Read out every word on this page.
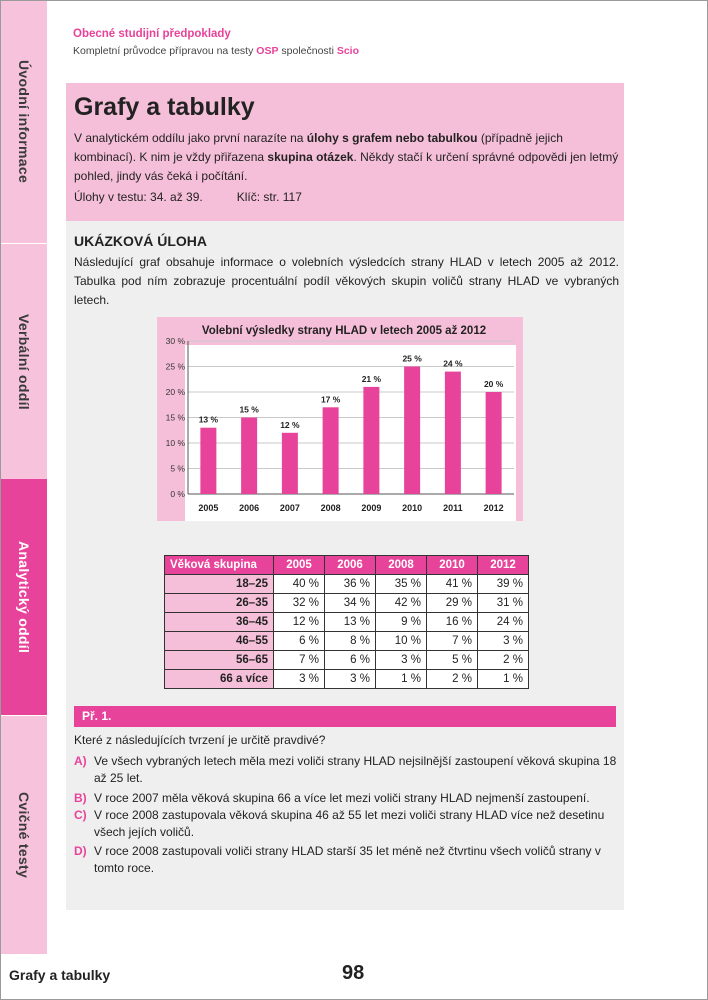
Úvodní informace
Verbální oddíl
Analytický oddíl
Cvičné testy
Obecné studijní předpoklady
Kompletní průvodce přípravou na testy OSP společnosti Scio
Grafy a tabulky
V analytickém oddílu jako první narazíte na úlohy s grafem nebo tabulkou (případně jejich kombinací). K nim je vždy přiřazena skupina otázek. Někdy stačí k určení správné odpovědi jen letmý pohled, jindy vás čeká i počítání.
Úlohy v testu: 34. až 39.	Klíč: str. 117
UKÁZKOVÁ ÚLOHA
Následující graf obsahuje informace o volebních výsledcích strany HLAD v letech 2005 až 2012. Tabulka pod ním zobrazuje procentuální podíl věkových skupin voličů strany HLAD ve vybraných letech.
Volební výsledky strany HLAD v letech 2005 až 2012
0 %
5 %
10 %
15 %
20 %
25 %
30 %
13 %
2005
15 %
2006
12 %
2007
17 %
2008
21 %
2009
25 %
2010
24 %
2011
20 %
2012
Věková skupina	2005	2006	2008	2010	2012
18–25	40 %	36 %	35 %	41 %	39 %
26–35	32 %	34 %	42 %	29 %	31 %
36–45	12 %	13 %	9 %	16 %	24 %
46–55	6 %	8 %	10 %	7 %	3 %
56–65	7 %	6 %	3 %	5 %	2 %
66 a více	3 %	3 %	1 %	2 %	1 %
Př. 1.
Které z následujících tvrzení je určitě pravdivé?
A) Ve všech vybraných letech měla mezi voliči strany HLAD nejsilnější zastoupení věková skupina 18 až 25 let.
B) V roce 2007 měla věková skupina 66 a více let mezi voliči strany HLAD nejmenší zastoupení.
C) V roce 2008 zastupovala věková skupina 46 až 55 let mezi voliči strany HLAD více než desetinu všech jejích voličů.
D) V roce 2008 zastupovali voliči strany HLAD starší 35 let méně než čtvrtinu všech voličů strany v tomto roce.
Grafy a tabulky	98
